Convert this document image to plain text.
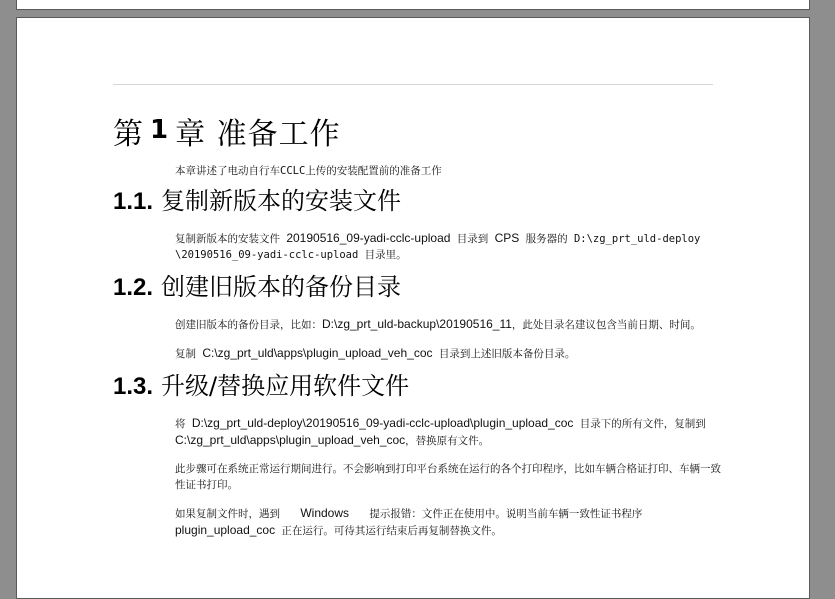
第 1 章 准备工作

本章讲述了电动自行车CCLC上传的安装配置前的准备工作

1.1. 复制新版本的安装文件

复制新版本的安装文件 20190516_09-yadi-cclc-upload 目录到 CPS 服务器的 D:\zg_prt_uld-deploy \20190516_09-yadi-cclc-upload 目录里。

1.2. 创建旧版本的备份目录

创建旧版本的备份目录，比如：D:\zg_prt_uld-backup\20190516_11，此处目录名建议包含当前日期、时间。

复制 C:\zg_prt_uld\apps\plugin_upload_veh_coc 目录到上述旧版本备份目录。

1.3. 升级/替换应用软件文件

将 D:\zg_prt_uld-deploy\20190516_09-yadi-cclc-upload\plugin_upload_coc 目录下的所有文件，复制到 C:\zg_prt_uld\apps\plugin_upload_veh_coc，替换原有文件。

此步骤可在系统正常运行期间进行。不会影响到打印平台系统在运行的各个打印程序，比如车辆合格证打印、车辆一致性证书打印。

如果复制文件时，遇到 Windows 提示报错：文件正在使用中。说明当前车辆一致性证书程序 plugin_upload_coc 正在运行。可待其运行结束后再复制替换文件。
